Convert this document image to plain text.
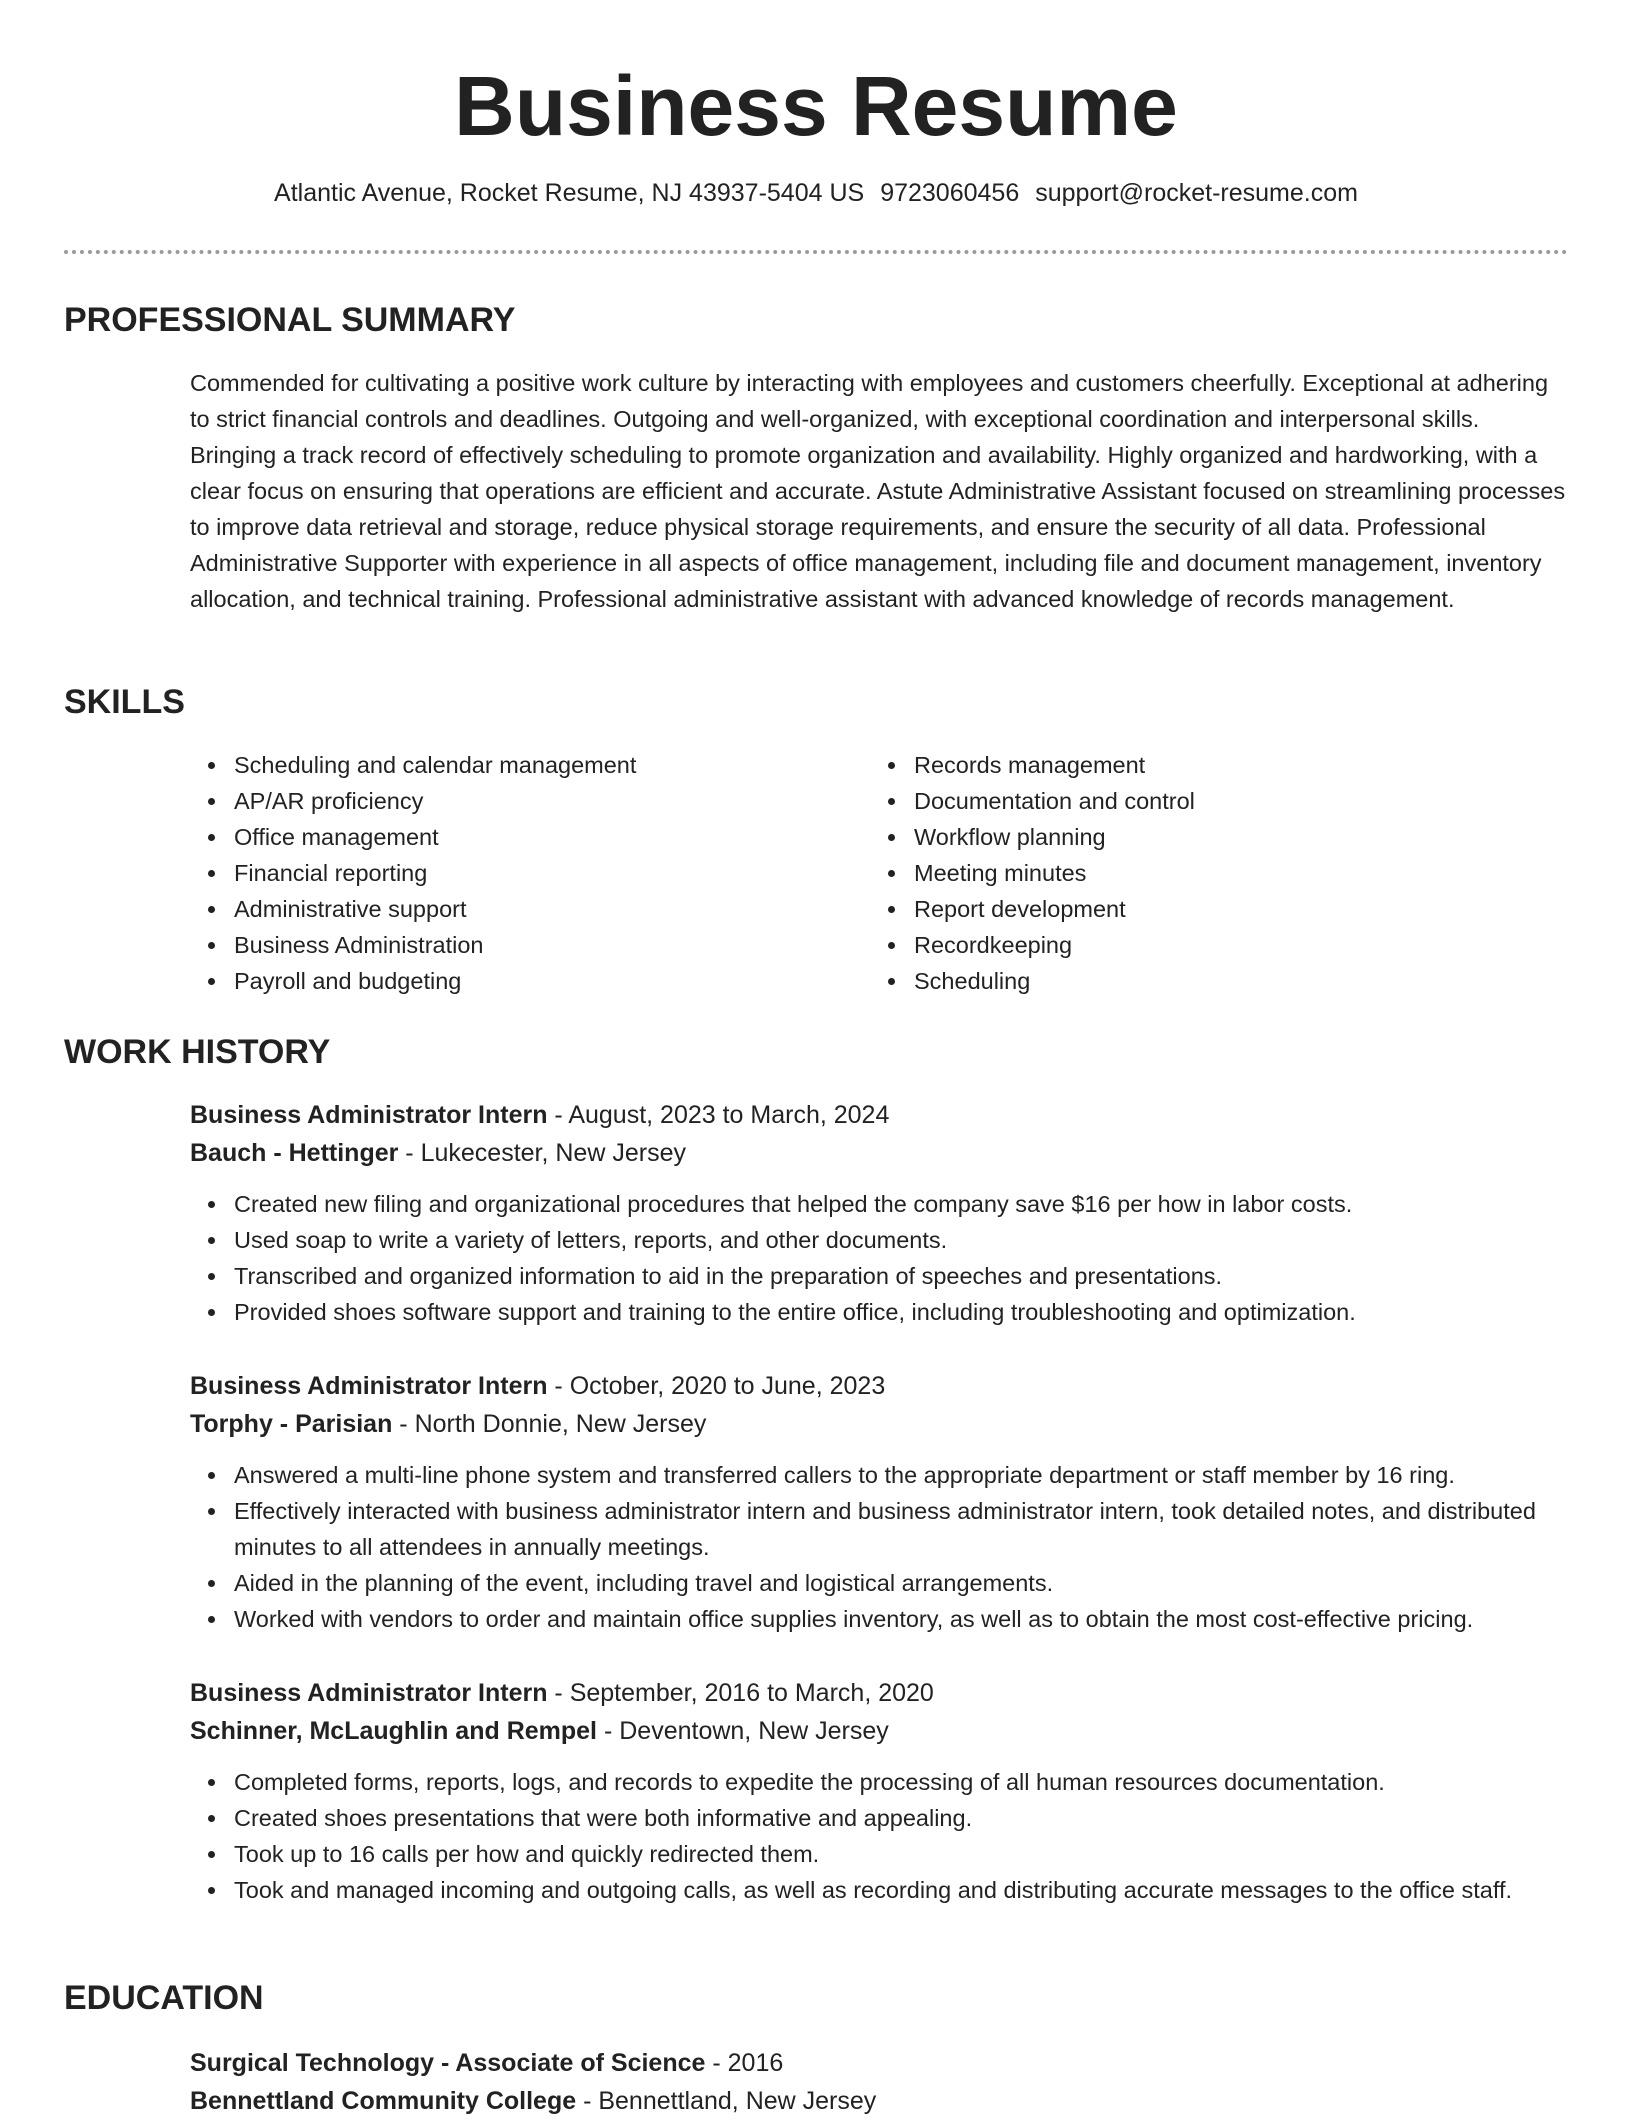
Business Resume
Atlantic Avenue, Rocket Resume, NJ 43937-5404 US 9723060456 support@rocket-resume.com
PROFESSIONAL SUMMARY

Commended for cultivating a positive work culture by interacting with employees and customers cheerfully. Exceptional at adhering to strict financial controls and deadlines. Outgoing and well-organized, with exceptional coordination and interpersonal skills. Bringing a track record of effectively scheduling to promote organization and availability. Highly organized and hardworking, with a clear focus on ensuring that operations are efficient and accurate. Astute Administrative Assistant focused on streamlining processes to improve data retrieval and storage, reduce physical storage requirements, and ensure the security of all data. Professional Administrative Supporter with experience in all aspects of office management, including file and document management, inventory allocation, and technical training. Professional administrative assistant with advanced knowledge of records management.

SKILLS
Scheduling and calendar management
AP/AR proficiency
Office management
Financial reporting
Administrative support
Business Administration
Payroll and budgeting
Records management
Documentation and control
Workflow planning
Meeting minutes
Report development
Recordkeeping
Scheduling
WORK HISTORY

Business Administrator Intern - August, 2023 to March, 2024

Bauch - Hettinger - Lukecester, New Jersey

Created new filing and organizational procedures that helped the company save $16 per how in labor costs.
Used soap to write a variety of letters, reports, and other documents.
Transcribed and organized information to aid in the preparation of speeches and presentations.
Provided shoes software support and training to the entire office, including troubleshooting and optimization.

Business Administrator Intern - October, 2020 to June, 2023

Torphy - Parisian - North Donnie, New Jersey

Answered a multi-line phone system and transferred callers to the appropriate department or staff member by 16 ring.
Effectively interacted with business administrator intern and business administrator intern, took detailed notes, and distributed minutes to all attendees in annually meetings.
Aided in the planning of the event, including travel and logistical arrangements.
Worked with vendors to order and maintain office supplies inventory, as well as to obtain the most cost-effective pricing.

Business Administrator Intern - September, 2016 to March, 2020

Schinner, McLaughlin and Rempel - Deventown, New Jersey

Completed forms, reports, logs, and records to expedite the processing of all human resources documentation.
Created shoes presentations that were both informative and appealing.
Took up to 16 calls per how and quickly redirected them.
Took and managed incoming and outgoing calls, as well as recording and distributing accurate messages to the office staff.
EDUCATION

Surgical Technology - Associate of Science - 2016

Bennettland Community College - Bennettland, New Jersey
